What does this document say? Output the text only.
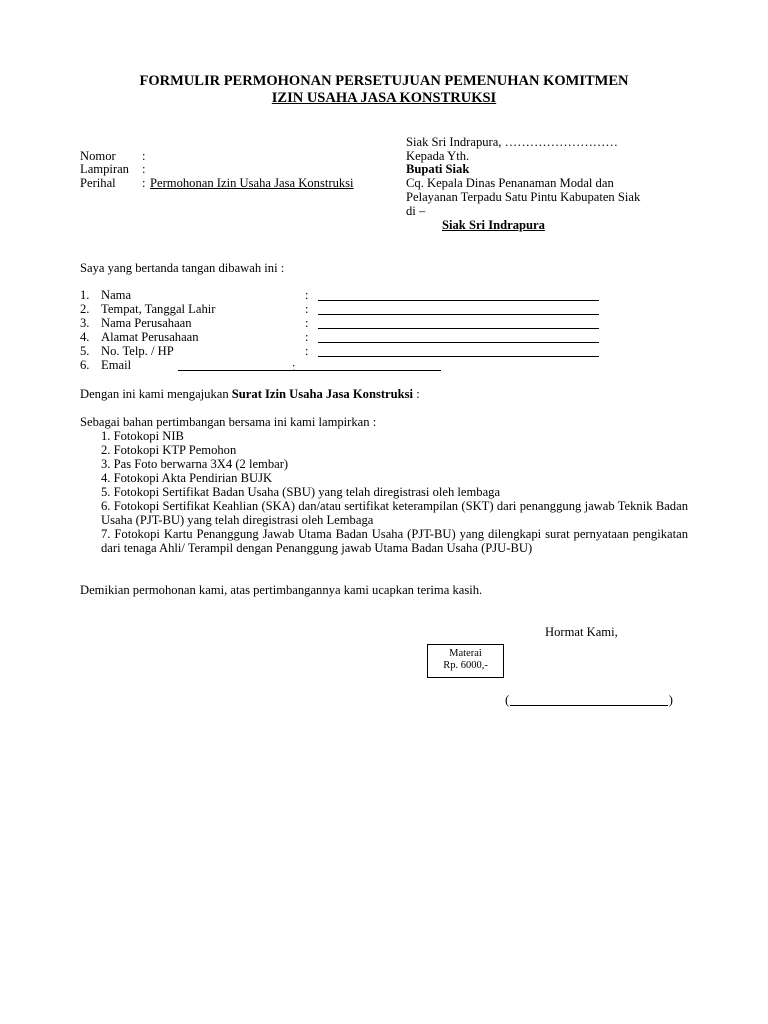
FORMULIR PERMOHONAN PERSETUJUAN PEMENUHAN KOMITMEN
IZIN USAHA JASA KONSTRUKSI
Siak Sri Indrapura, ………………………
Kepada Yth.
Bupati Siak
Cq. Kepala Dinas Penanaman Modal dan
Pelayanan Terpadu Satu Pintu Kabupaten Siak
di –
Siak Sri Indrapura
Nomor :
Lampiran :
Perihal : Permohonan Izin Usaha Jasa Konstruksi
Saya yang bertanda tangan dibawah ini :
1. Nama	:
2. Tempat, Tanggal Lahir	:
3. Nama Perusahaan	:
4. Alamat Perusahaan	:
5. No. Telp. / HP	:
6. Email	:
Dengan ini kami mengajukan Surat Izin Usaha Jasa Konstruksi :
Sebagai bahan pertimbangan bersama ini kami lampirkan :
1. Fotokopi NIB
2. Fotokopi KTP Pemohon
3. Pas Foto berwarna 3X4 (2 lembar)
4. Fotokopi Akta Pendirian BUJK
5. Fotokopi Sertifikat Badan Usaha (SBU) yang telah diregistrasi oleh lembaga
6. Fotokopi Sertifikat Keahlian (SKA) dan/atau sertifikat keterampilan (SKT) dari penanggung jawab Teknik Badan Usaha (PJT-BU) yang telah diregistrasi oleh Lembaga
7. Fotokopi Kartu Penanggung Jawab Utama Badan Usaha (PJT-BU) yang dilengkapi surat pernyataan pengikatan dari tenaga Ahli/ Terampil dengan Penanggung jawab Utama Badan Usaha (PJU-BU)
Demikian permohonan kami, atas pertimbangannya kami ucapkan terima kasih.
Hormat Kami,
Materai
Rp. 6000,-
(	)
